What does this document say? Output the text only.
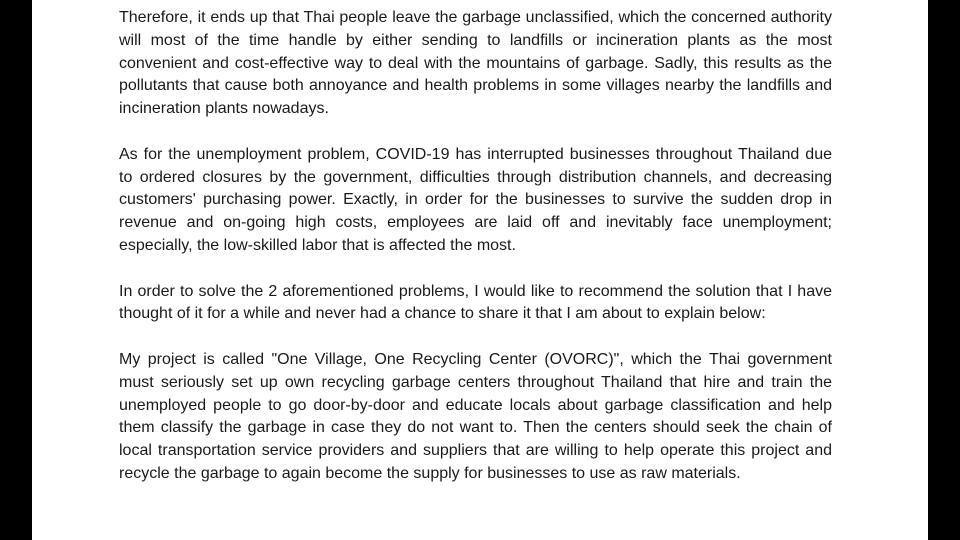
Therefore, it ends up that Thai people leave the garbage unclassified, which the concerned authority will most of the time handle by either sending to landfills or incineration plants as the most convenient and cost-effective way to deal with the mountains of garbage. Sadly, this results as the pollutants that cause both annoyance and health problems in some villages nearby the landfills and incineration plants nowadays.

As for the unemployment problem, COVID-19 has interrupted businesses throughout Thailand due to ordered closures by the government, difficulties through distribution channels, and decreasing customers' purchasing power. Exactly, in order for the businesses to survive the sudden drop in revenue and on-going high costs, employees are laid off and inevitably face unemployment; especially, the low-skilled labor that is affected the most.

In order to solve the 2 aforementioned problems, I would like to recommend the solution that I have thought of it for a while and never had a chance to share it that I am about to explain below:

My project is called "One Village, One Recycling Center (OVORC)", which the Thai government must seriously set up own recycling garbage centers throughout Thailand that hire and train the unemployed people to go door-by-door and educate locals about garbage classification and help them classify the garbage in case they do not want to. Then the centers should seek the chain of local transportation service providers and suppliers that are willing to help operate this project and recycle the garbage to again become the supply for businesses to use as raw materials.
